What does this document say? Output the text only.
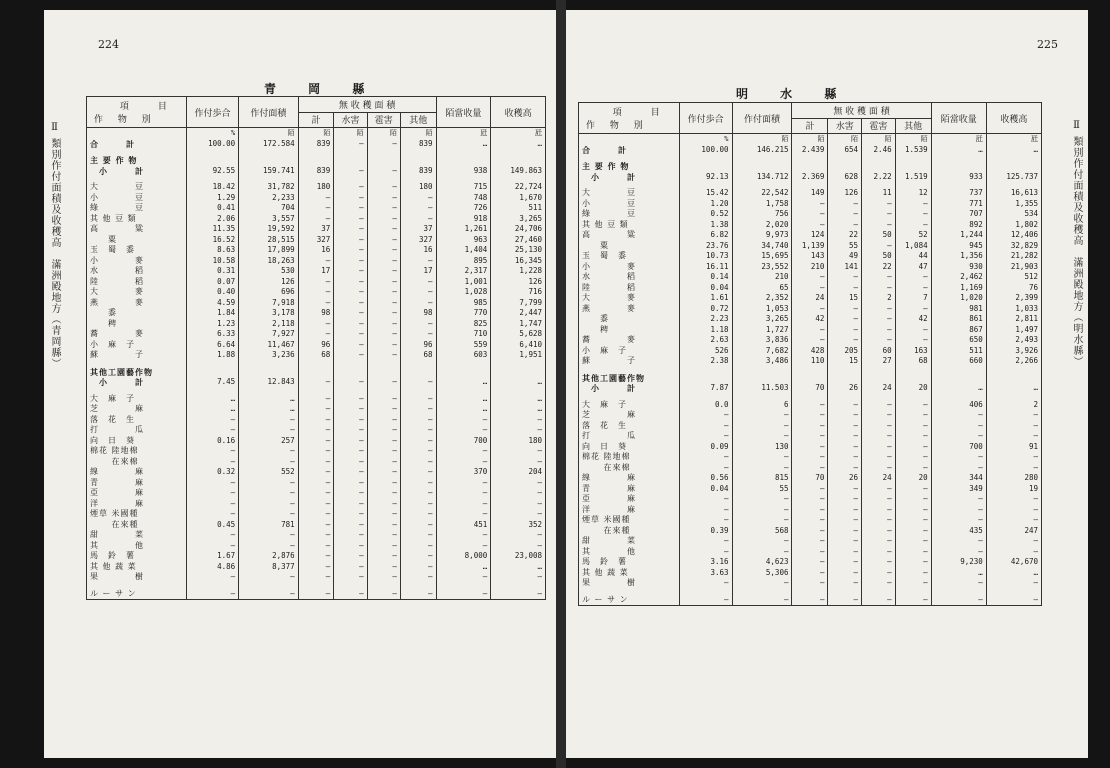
224
青 岡 縣
Ⅱ 類別作付面積及收穫高　滿洲殿地方（青岡縣）
項　目
作 物 別	作付歩合	作付面積	無 收 穫 面 積				陌當收量	收穫高
			計	水害	雹害	其他		
	%	陌	陌	陌	陌	陌	瓩	瓩
合　　　計	100.00	172.584	839	—	—	839	…	…

主 要 作 物								
　小　　　計	92.55	159.741	839	—	—	839	938	149.863

大　　　　豆	18.42	31,782	180	—	—	180	715	22,724
小　　　　豆	1.29	2,233	—	—	—	—	748	1,670
綠　　　　豆	0.41	704	—	—	—	—	726	511
其 他 豆 類	2.06	3,557	—	—	—	—	918	3,265
高　　　　粱	11.35	19,592	37	—	—	37	1,261	24,706
　　粟	16.52	28,515	327	—	—	327	963	27,460
玉　蜀　黍	8.63	17,899	16	—	—	16	1,404	25,130
小　　　　麥	10.58	18,263	—	—	—	—	895	16,345
水　　　　稻	0.31	530	17	—	—	17	2,317	1,228
陸　　　　稻	0.07	126	—	—	—	—	1,001	126
大　　　　麥	0.40	696	—	—	—	—	1,028	716
燕　　　　麥	4.59	7,918	—	—	—	—	985	7,799
　　黍	1.84	3,178	98	—	—	98	770	2,447
　　稗	1.23	2,118	—	—	—	—	825	1,747
蕎　　　　麥	6.33	7,927	—	—	—	—	710	5,628
小　麻　子	6.64	11,467	96	—	—	96	559	6,410
蘇　　　　子	1.88	3,236	68	—	—	68	603	1,951

其他工園藝作物								
　小　　　計	7.45	12.843	—	—	—	—	…	…

大　麻　子	…	…	—	—	—	—	…	…
芝　　　　麻	…	…	—	—	—	—	…	…
落　花　生	—	—	—	—	—	—	—	—
打　　　　瓜	—	—	—	—	—	—	—	—
向　日　葵	0.16	257	—	—	—	—	700	180
棉花 陸地棉	—	—	—	—	—	—	—	—
　　 在來棉	—	—	—	—	—	—	—	—
線　　　　麻	0.32	552	—	—	—	—	370	204
青　　　　麻	—	—	—	—	—	—	—	—
亞　　　　麻	—	—	—	—	—	—	—	—
洋　　　　麻	—	—	—	—	—	—	—	—
煙草 米國種	—	—	—	—	—	—	—	—
　　 在來種	0.45	781	—	—	—	—	451	352
甜　　　　菜	—	—	—	—	—	—	—	—
其　　　　他	—	—	—	—	—	—	—	—
馬　鈴　薯	1.67	2,876	—	—	—	—	8,000	23,008
其 他 蔬 菜	4.86	8,377	—	—	—	—	…	…
果　　　　樹	—	—	—	—	—	—	—	—

ル ー サ ン	—	—	—	—	—	—	—	—
225
明 水 縣
Ⅱ 類別作付面積及收穫高　滿洲殿地方（明水縣）
項　目
作 物 別	作付歩合	作付面積	無 收 穫 面 積				陌當收量	收穫高
			計	水害	雹害	其他		
	%	陌	陌	陌	陌	陌	瓩	瓩
合　　　計	100.00	146.215	2.439	654	2.46	1.539	…	…

主 要 作 物								
　小　　　計	92.13	134.712	2.369	628	2.22	1.519	933	125.737

大　　　　豆	15.42	22,542	149	126	11	12	737	16,613
小　　　　豆	1.20	1,758	—	—	—	—	771	1,355
綠　　　　豆	0.52	756	—	—	—	—	707	534
其 他 豆 類	1.38	2,020	—	—	—	—	892	1,802
高　　　　粱	6.82	9,973	124	22	50	52	1,244	12,406
　　粟	23.76	34,740	1,139	55	—	1,084	945	32,829
玉　蜀　黍	10.73	15,695	143	49	50	44	1,356	21,282
小　　　　麥	16.11	23,552	210	141	22	47	930	21,903
水　　　　稻	0.14	210	—	—	—	—	2,462	512
陸　　　　稻	0.04	65	—	—	—	—	1,169	76
大　　　　麥	1.61	2,352	24	15	2	7	1,020	2,399
燕　　　　麥	0.72	1,053	—	—	—	—	981	1,033
　　黍	2.23	3,265	42	—	—	42	861	2,811
　　稗	1.18	1,727	—	—	—	—	867	1,497
蕎　　　　麥	2.63	3,836	—	—	—	—	650	2,493
小　麻　子	526	7,682	428	205	60	163	511	3,926
蘇　　　　子	2.38	3,486	110	15	27	68	660	2,266

其他工園藝作物								
　小　　　計	7.87	11.503	70	26	24	20	…	…

大　麻　子	0.0	6	—	—	—	—	406	2
芝　　　　麻	—	—	—	—	—	—	—	—
落　花　生	—	—	—	—	—	—	—	—
打　　　　瓜	—	—	—	—	—	—	—	—
向　日　葵	0.09	130	—	—	—	—	700	91
棉花 陸地棉	—	—	—	—	—	—	—	—
　　 在來棉	—	—	—	—	—	—	—	—
線　　　　麻	0.56	815	70	26	24	20	344	280
青　　　　麻	0.04	55	—	—	—	—	349	19
亞　　　　麻	—	—	—	—	—	—	—	—
洋　　　　麻	—	—	—	—	—	—	—	—
煙草 米國種	—	—	—	—	—	—	—	—
　　 在來種	0.39	568	—	—	—	—	435	247
甜　　　　菜	—	—	—	—	—	—	—	—
其　　　　他	—	—	—	—	—	—	—	—
馬　鈴　薯	3.16	4,623	—	—	—	—	9,230	42,670
其 他 蔬 菜	3.63	5,306	—	—	—	—	…	…
果　　　　樹	—	—	—	—	—	—	—	—

ル ー サ ン	—	—	—	—	—	—	—	—
